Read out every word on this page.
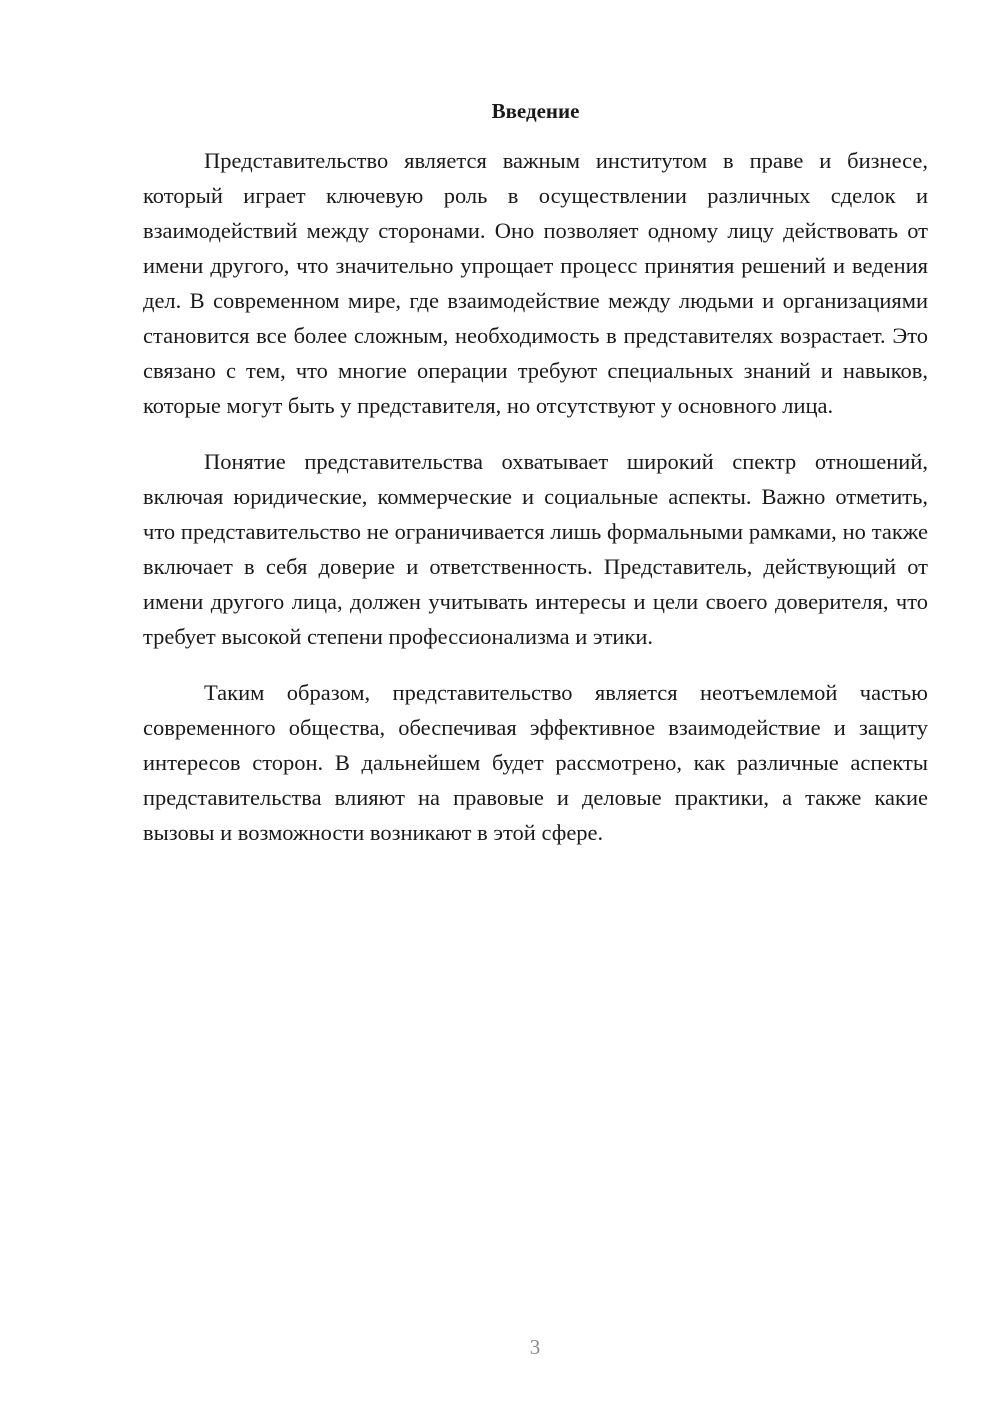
Введение

Представительство является важным институтом в праве и бизнесе, который играет ключевую роль в осуществлении различных сделок и взаимодействий между сторонами. Оно позволяет одному лицу действовать от имени другого, что значительно упрощает процесс принятия решений и ведения дел. В современном мире, где взаимодействие между людьми и организациями становится все более сложным, необходимость в представителях возрастает. Это связано с тем, что многие операции требуют специальных знаний и навыков, которые могут быть у представителя, но отсутствуют у основного лица.

Понятие представительства охватывает широкий спектр отношений, включая юридические, коммерческие и социальные аспекты. Важно отметить, что представительство не ограничивается лишь формальными рамками, но также включает в себя доверие и ответственность. Представитель, действующий от имени другого лица, должен учитывать интересы и цели своего доверителя, что требует высокой степени профессионализма и этики.

Таким образом, представительство является неотъемлемой частью современного общества, обеспечивая эффективное взаимодействие и защиту интересов сторон. В дальнейшем будет рассмотрено, как различные аспекты представительства влияют на правовые и деловые практики, а также какие вызовы и возможности возникают в этой сфере.

3
